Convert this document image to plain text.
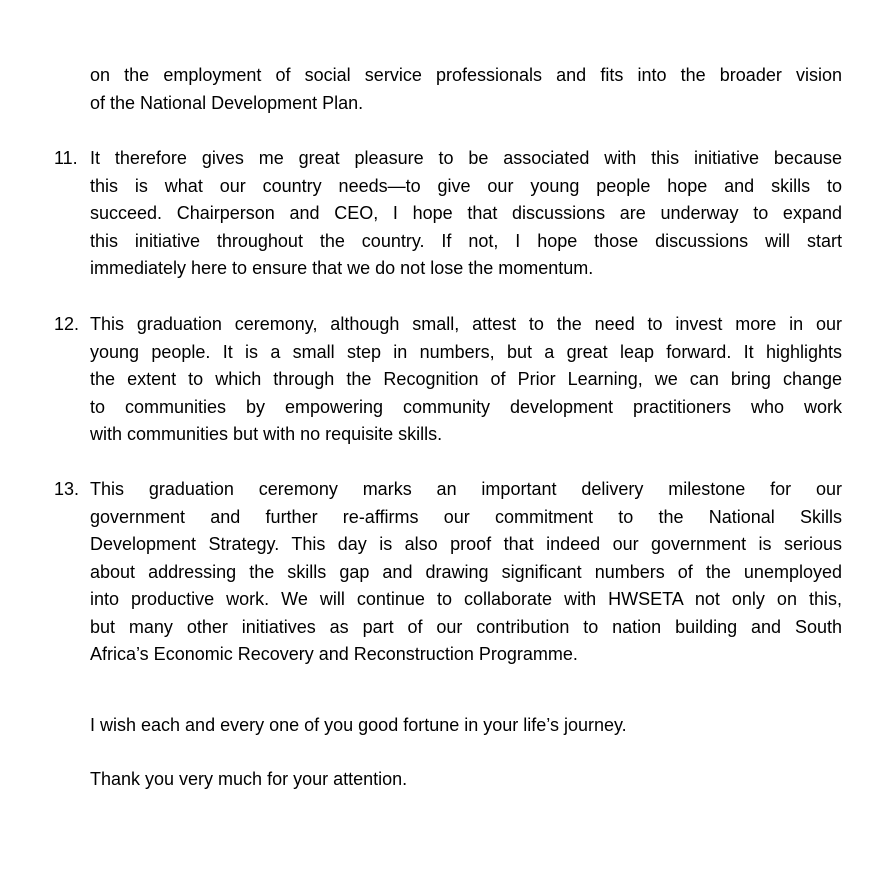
on the employment of social service professionals and fits into the broader vision
of the National Development Plan.
11. It therefore gives me great pleasure to be associated with this initiative because
this is what our country needs—to give our young people hope and skills to
succeed. Chairperson and CEO, I hope that discussions are underway to expand
this initiative throughout the country. If not, I hope those discussions will start
immediately here to ensure that we do not lose the momentum.
12. This graduation ceremony, although small, attest to the need to invest more in our
young people. It is a small step in numbers, but a great leap forward. It highlights
the extent to which through the Recognition of Prior Learning, we can bring change
to communities by empowering community development practitioners who work
with communities but with no requisite skills.
13. This graduation ceremony marks an important delivery milestone for our
government and further re-affirms our commitment to the National Skills
Development Strategy. This day is also proof that indeed our government is serious
about addressing the skills gap and drawing significant numbers of the unemployed
into productive work. We will continue to collaborate with HWSETA not only on this,
but many other initiatives as part of our contribution to nation building and South
Africa’s Economic Recovery and Reconstruction Programme.
I wish each and every one of you good fortune in your life’s journey.
Thank you very much for your attention.
